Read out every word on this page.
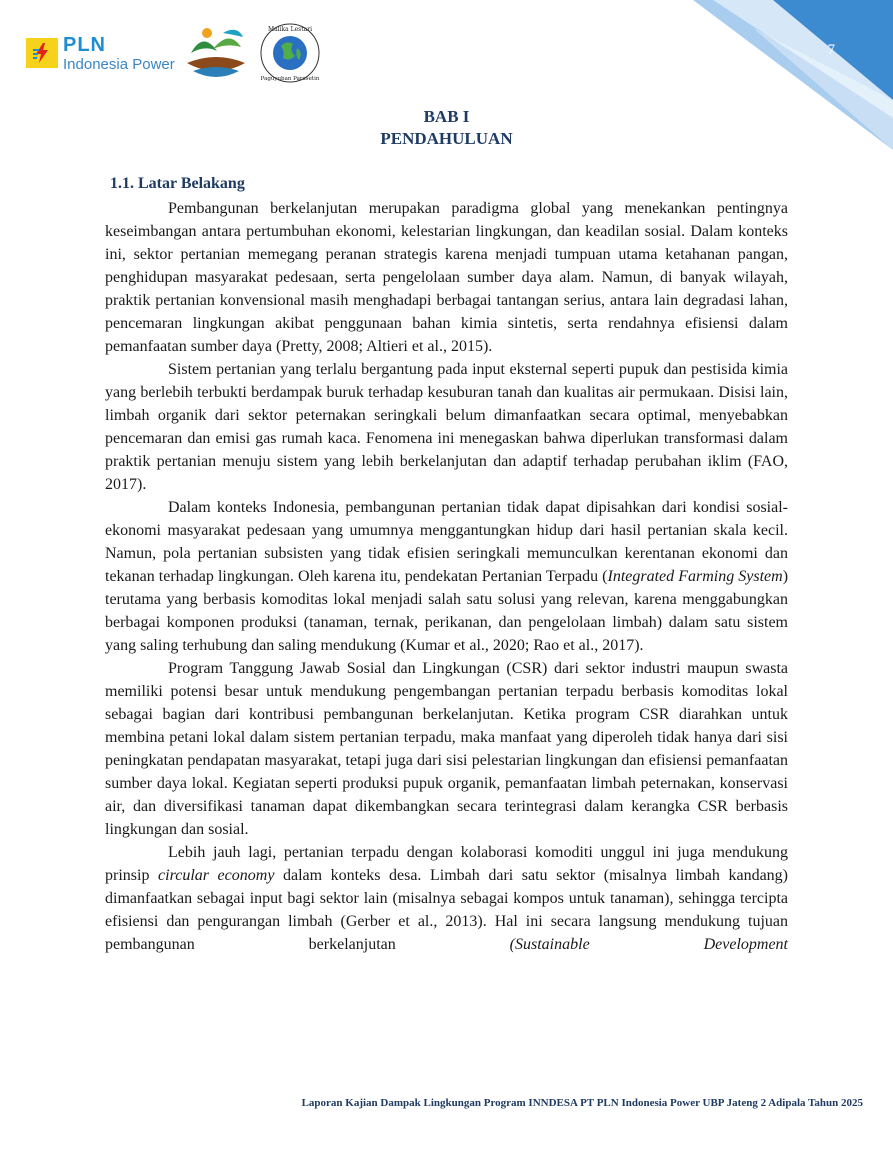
7
PLN
Indonesia Power
Malika Lestari
Paguyuban Parasetin
BAB I
PENDAHULUAN
1.1. Latar Belakang

Pembangunan berkelanjutan merupakan paradigma global yang menekankan pentingnya keseimbangan antara pertumbuhan ekonomi, kelestarian lingkungan, dan keadilan sosial. Dalam konteks ini, sektor pertanian memegang peranan strategis karena menjadi tumpuan utama ketahanan pangan, penghidupan masyarakat pedesaan, serta pengelolaan sumber daya alam. Namun, di banyak wilayah, praktik pertanian konvensional masih menghadapi berbagai tantangan serius, antara lain degradasi lahan, pencemaran lingkungan akibat penggunaan bahan kimia sintetis, serta rendahnya efisiensi dalam pemanfaatan sumber daya (Pretty, 2008; Altieri et al., 2015).

Sistem pertanian yang terlalu bergantung pada input eksternal seperti pupuk dan pestisida kimia yang berlebih terbukti berdampak buruk terhadap kesuburan tanah dan kualitas air permukaan. Disisi lain, limbah organik dari sektor peternakan seringkali belum dimanfaatkan secara optimal, menyebabkan pencemaran dan emisi gas rumah kaca. Fenomena ini menegaskan bahwa diperlukan transformasi dalam praktik pertanian menuju sistem yang lebih berkelanjutan dan adaptif terhadap perubahan iklim (FAO, 2017).

Dalam konteks Indonesia, pembangunan pertanian tidak dapat dipisahkan dari kondisi sosial-ekonomi masyarakat pedesaan yang umumnya menggantungkan hidup dari hasil pertanian skala kecil. Namun, pola pertanian subsisten yang tidak efisien seringkali memunculkan kerentanan ekonomi dan tekanan terhadap lingkungan. Oleh karena itu, pendekatan Pertanian Terpadu (Integrated Farming System) terutama yang berbasis komoditas lokal menjadi salah satu solusi yang relevan, karena menggabungkan berbagai komponen produksi (tanaman, ternak, perikanan, dan pengelolaan limbah) dalam satu sistem yang saling terhubung dan saling mendukung (Kumar et al., 2020; Rao et al., 2017).

Program Tanggung Jawab Sosial dan Lingkungan (CSR) dari sektor industri maupun swasta memiliki potensi besar untuk mendukung pengembangan pertanian terpadu berbasis komoditas lokal sebagai bagian dari kontribusi pembangunan berkelanjutan. Ketika program CSR diarahkan untuk membina petani lokal dalam sistem pertanian terpadu, maka manfaat yang diperoleh tidak hanya dari sisi peningkatan pendapatan masyarakat, tetapi juga dari sisi pelestarian lingkungan dan efisiensi pemanfaatan sumber daya lokal. Kegiatan seperti produksi pupuk organik, pemanfaatan limbah peternakan, konservasi air, dan diversifikasi tanaman dapat dikembangkan secara terintegrasi dalam kerangka CSR berbasis lingkungan dan sosial.

Lebih jauh lagi, pertanian terpadu dengan kolaborasi komoditi unggul ini juga mendukung prinsip circular economy dalam konteks desa. Limbah dari satu sektor (misalnya limbah kandang) dimanfaatkan sebagai input bagi sektor lain (misalnya sebagai kompos untuk tanaman), sehingga tercipta efisiensi dan pengurangan limbah (Gerber et al., 2013). Hal ini secara langsung mendukung tujuan pembangunan berkelanjutan (Sustainable Development

Laporan Kajian Dampak Lingkungan Program INNDESA PT PLN Indonesia Power UBP Jateng 2 Adipala Tahun 2025
